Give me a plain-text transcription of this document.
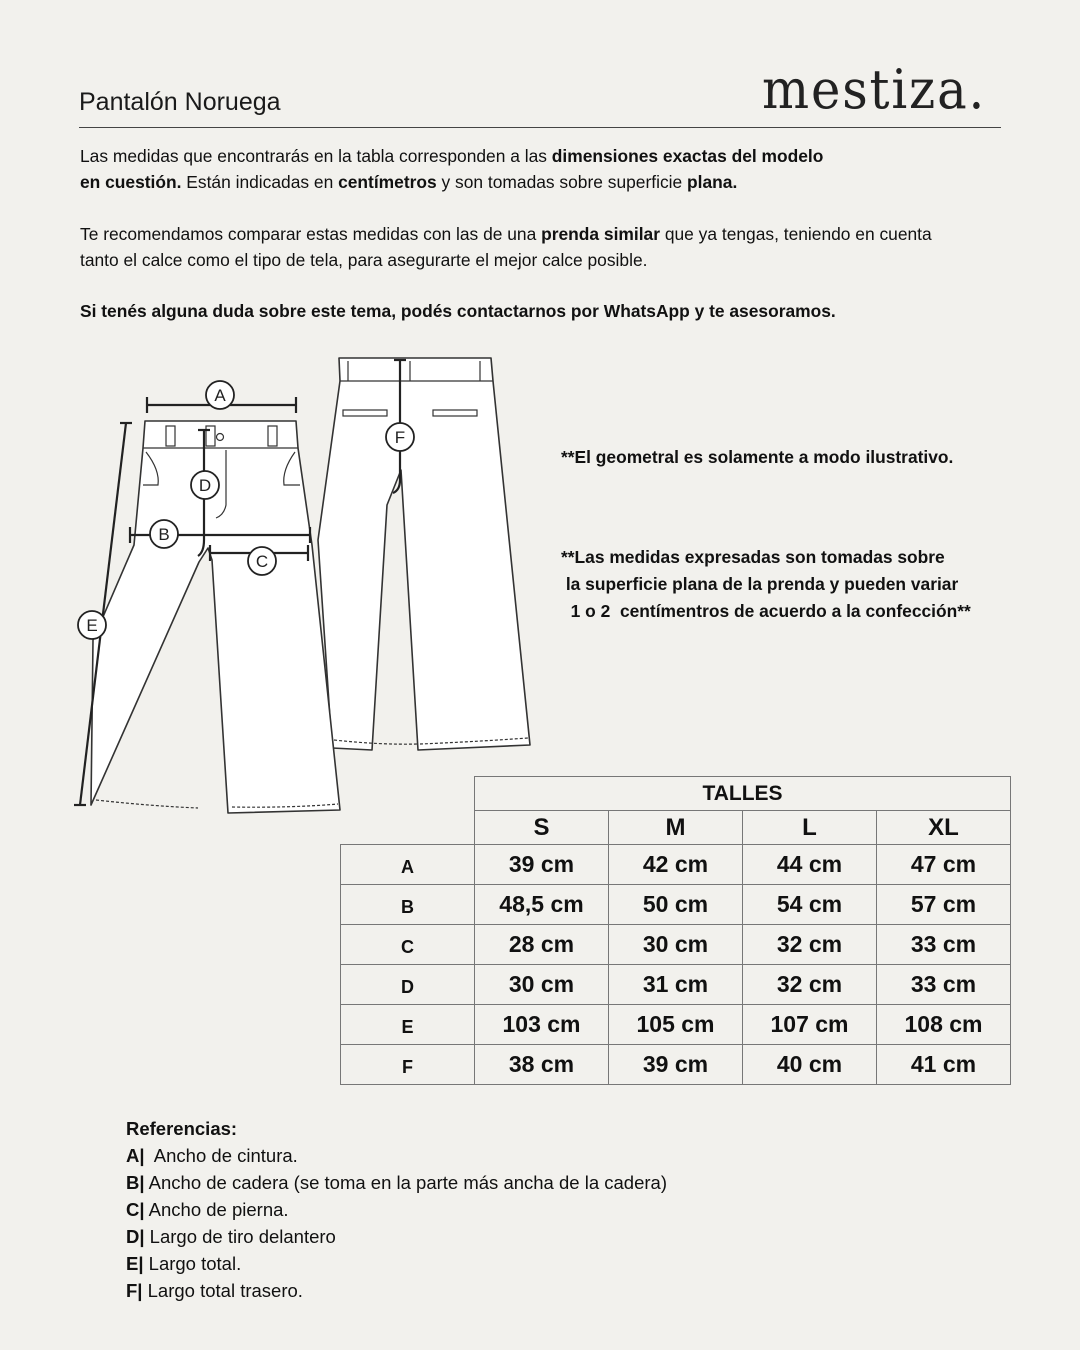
Pantalón Noruega	mestiza.
Las medidas que encontrarás en la tabla corresponden a las dimensiones exactas del modelo
en cuestión. Están indicadas en centímetros y son tomadas sobre superficie plana.
Te recomendamos comparar estas medidas con las de una prenda similar que ya tengas, teniendo en cuenta
tanto el calce como el tipo de tela, para asegurarte el mejor calce posible.
Si tenés alguna duda sobre este tema, podés contactarnos por WhatsApp y te asesoramos.
A
B
C
D
E
F
**El geometral es solamente a modo ilustrativo.
**Las medidas expresadas son tomadas sobre
la superficie plana de la prenda y pueden variar
1 o 2  centímentros de acuerdo a la confección**
	TALLES			
	S	M	L	XL
A	39 cm	42 cm	44 cm	47 cm
B	48,5 cm	50 cm	54 cm	57 cm
C	28 cm	30 cm	32 cm	33 cm
D	30 cm	31 cm	32 cm	33 cm
E	103 cm	105 cm	107 cm	108 cm
F	38 cm	39 cm	40 cm	41 cm
Referencias:
A|  Ancho de cintura.
B| Ancho de cadera (se toma en la parte más ancha de la cadera)
C| Ancho de pierna.
D| Largo de tiro delantero
E| Largo total.
F| Largo total trasero.
